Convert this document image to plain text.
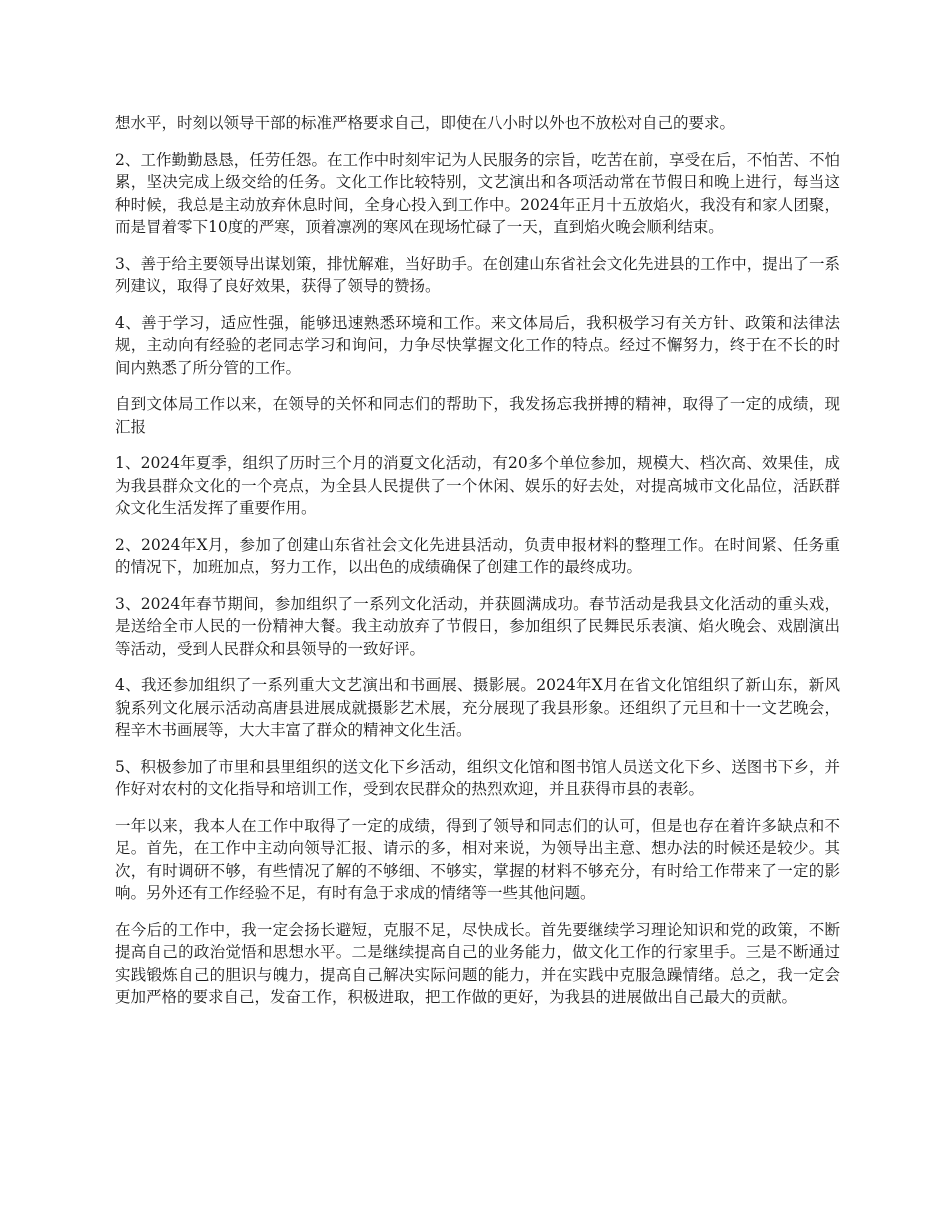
想水平，时刻以领导干部的标准严格要求自己，即使在八小时以外也不放松对自己的要求。

2、工作勤勤恳恳，任劳任怨。在工作中时刻牢记为人民服务的宗旨，吃苦在前，享受在后，不怕苦、不怕累，坚决完成上级交给的任务。文化工作比较特别，文艺演出和各项活动常在节假日和晚上进行，每当这种时候，我总是主动放弃休息时间，全身心投入到工作中。2024年正月十五放焰火，我没有和家人团聚，而是冒着零下10度的严寒，顶着凛冽的寒风在现场忙碌了一天，直到焰火晚会顺利结束。

3、善于给主要领导出谋划策，排忧解难，当好助手。在创建山东省社会文化先进县的工作中，提出了一系列建议，取得了良好效果，获得了领导的赞扬。

4、善于学习，适应性强，能够迅速熟悉环境和工作。来文体局后，我积极学习有关方针、政策和法律法规，主动向有经验的老同志学习和询问，力争尽快掌握文化工作的特点。经过不懈努力，终于在不长的时间内熟悉了所分管的工作。

自到文体局工作以来，在领导的关怀和同志们的帮助下，我发扬忘我拼搏的精神，取得了一定的成绩，现汇报

1、2024年夏季，组织了历时三个月的消夏文化活动，有20多个单位参加，规模大、档次高、效果佳，成为我县群众文化的一个亮点，为全县人民提供了一个休闲、娱乐的好去处，对提高城市文化品位，活跃群众文化生活发挥了重要作用。

2、2024年X月，参加了创建山东省社会文化先进县活动，负责申报材料的整理工作。在时间紧、任务重的情况下，加班加点，努力工作，以出色的成绩确保了创建工作的最终成功。

3、2024年春节期间，参加组织了一系列文化活动，并获圆满成功。春节活动是我县文化活动的重头戏，是送给全市人民的一份精神大餐。我主动放弃了节假日，参加组织了民舞民乐表演、焰火晚会、戏剧演出等活动，受到人民群众和县领导的一致好评。

4、我还参加组织了一系列重大文艺演出和书画展、摄影展。2024年X月在省文化馆组织了新山东，新风貌系列文化展示活动高唐县进展成就摄影艺术展，充分展现了我县形象。还组织了元旦和十一文艺晚会，程辛木书画展等，大大丰富了群众的精神文化生活。

5、积极参加了市里和县里组织的送文化下乡活动，组织文化馆和图书馆人员送文化下乡、送图书下乡，并作好对农村的文化指导和培训工作，受到农民群众的热烈欢迎，并且获得市县的表彰。

一年以来，我本人在工作中取得了一定的成绩，得到了领导和同志们的认可，但是也存在着许多缺点和不足。首先，在工作中主动向领导汇报、请示的多，相对来说，为领导出主意、想办法的时候还是较少。其次，有时调研不够，有些情况了解的不够细、不够实，掌握的材料不够充分，有时给工作带来了一定的影响。另外还有工作经验不足，有时有急于求成的情绪等一些其他问题。

在今后的工作中，我一定会扬长避短，克服不足，尽快成长。首先要继续学习理论知识和党的政策，不断提高自己的政治觉悟和思想水平。二是继续提高自己的业务能力，做文化工作的行家里手。三是不断通过实践锻炼自己的胆识与魄力，提高自己解决实际问题的能力，并在实践中克服急躁情绪。总之，我一定会更加严格的要求自己，发奋工作，积极进取，把工作做的更好，为我县的进展做出自己最大的贡献。
